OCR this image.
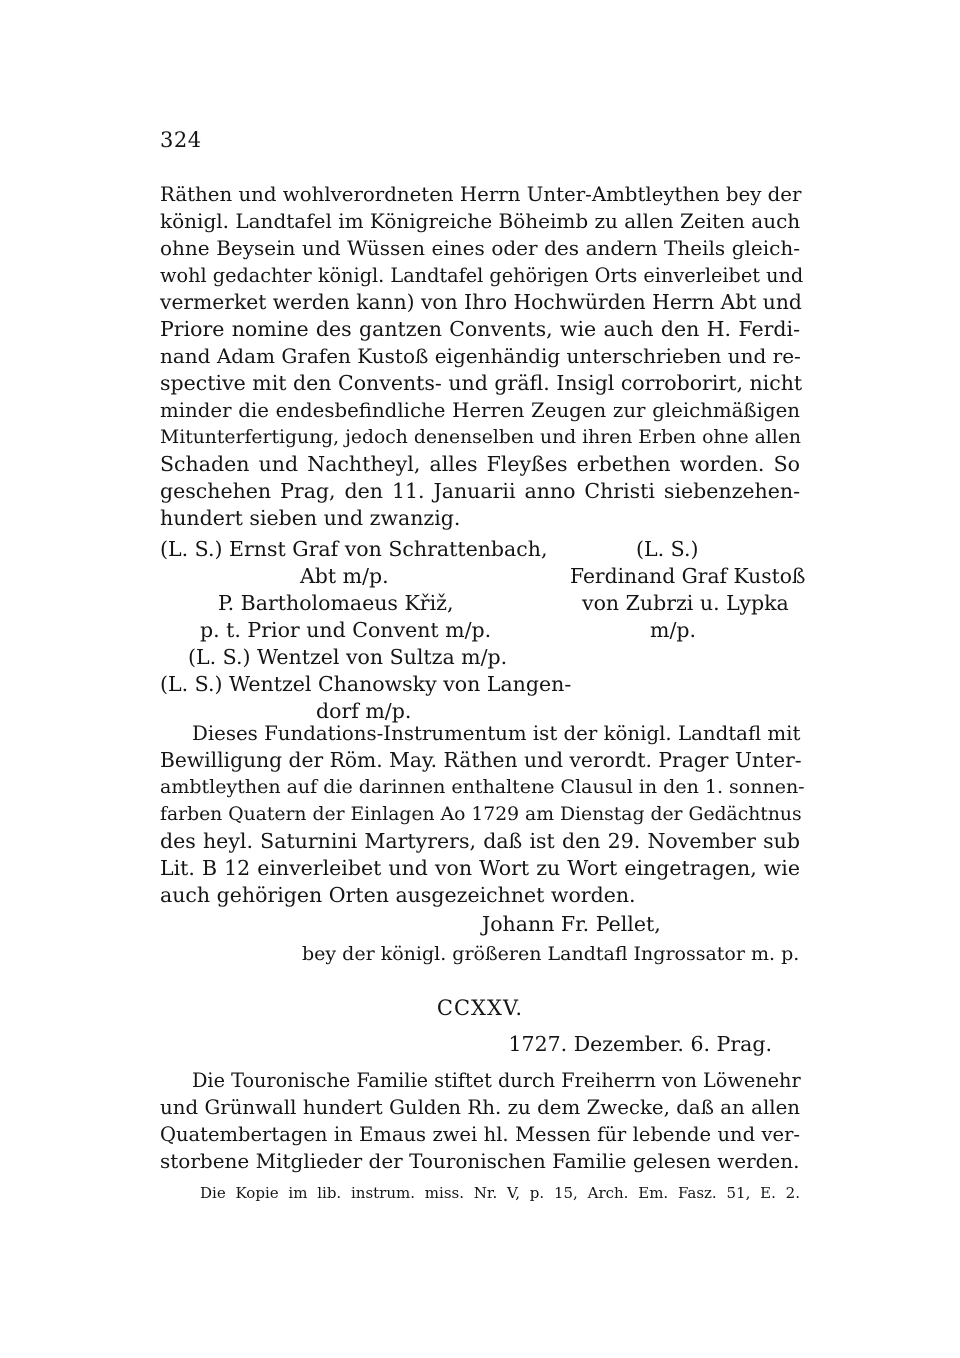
324
Räthen und wohlverordneten Herrn Unter-Ambtleythen bey der
königl. Landtafel im Königreiche Böheimb zu allen Zeiten auch
ohne Beysein und Wüssen eines oder des andern Theils gleich-
wohl gedachter königl. Landtafel gehörigen Orts einverleibet und
vermerket werden kann) von Ihro Hochwürden Herrn Abt und
Priore nomine des gantzen Convents, wie auch den H. Ferdi-
nand Adam Grafen Kustoß eigenhändig unterschrieben und re-
spective mit den Convents- und gräfl. Insigl corroborirt, nicht
minder die endesbefindliche Herren Zeugen zur gleichmäßigen
Mitunterfertigung, jedoch denenselben und ihren Erben ohne allen
Schaden und Nachtheyl, alles Fleyßes erbethen worden. So
geschehen Prag, den 11. Januarii anno Christi siebenzehen-
hundert sieben und zwanzig.
(L. S.) Ernst Graf von Schrattenbach,
Abt m/p.
P. Bartholomaeus Křiž,
p. t. Prior und Convent m/p.
(L. S.) Wentzel von Sultza m/p.
(L. S.) Wentzel Chanowsky von Langen-
dorf m/p.
(L. S.)
Ferdinand Graf Kustoß
von Zubrzi u. Lypka
m/p.
Dieses Fundations-Instrumentum ist der königl. Landtafl mit
Bewilligung der Röm. May. Räthen und verordt. Prager Unter-
ambtleythen auf die darinnen enthaltene Clausul in den 1. sonnen-
farben Quatern der Einlagen Ao 1729 am Dienstag der Gedächtnus
des heyl. Saturnini Martyrers, daß ist den 29. November sub
Lit. B 12 einverleibet und von Wort zu Wort eingetragen, wie
auch gehörigen Orten ausgezeichnet worden.
Johann Fr. Pellet,
bey der königl. größeren Landtafl Ingrossator m. p.
CCXXV.
1727. Dezember. 6. Prag.
Die Touronische Familie stiftet durch Freiherrn von Löwenehr
und Grünwall hundert Gulden Rh. zu dem Zwecke, daß an allen
Quatembertagen in Emaus zwei hl. Messen für lebende und ver-
storbene Mitglieder der Touronischen Familie gelesen werden.
Die Kopie im lib. instrum. miss. Nr. V, p. 15, Arch. Em. Fasz. 51, E. 2.
